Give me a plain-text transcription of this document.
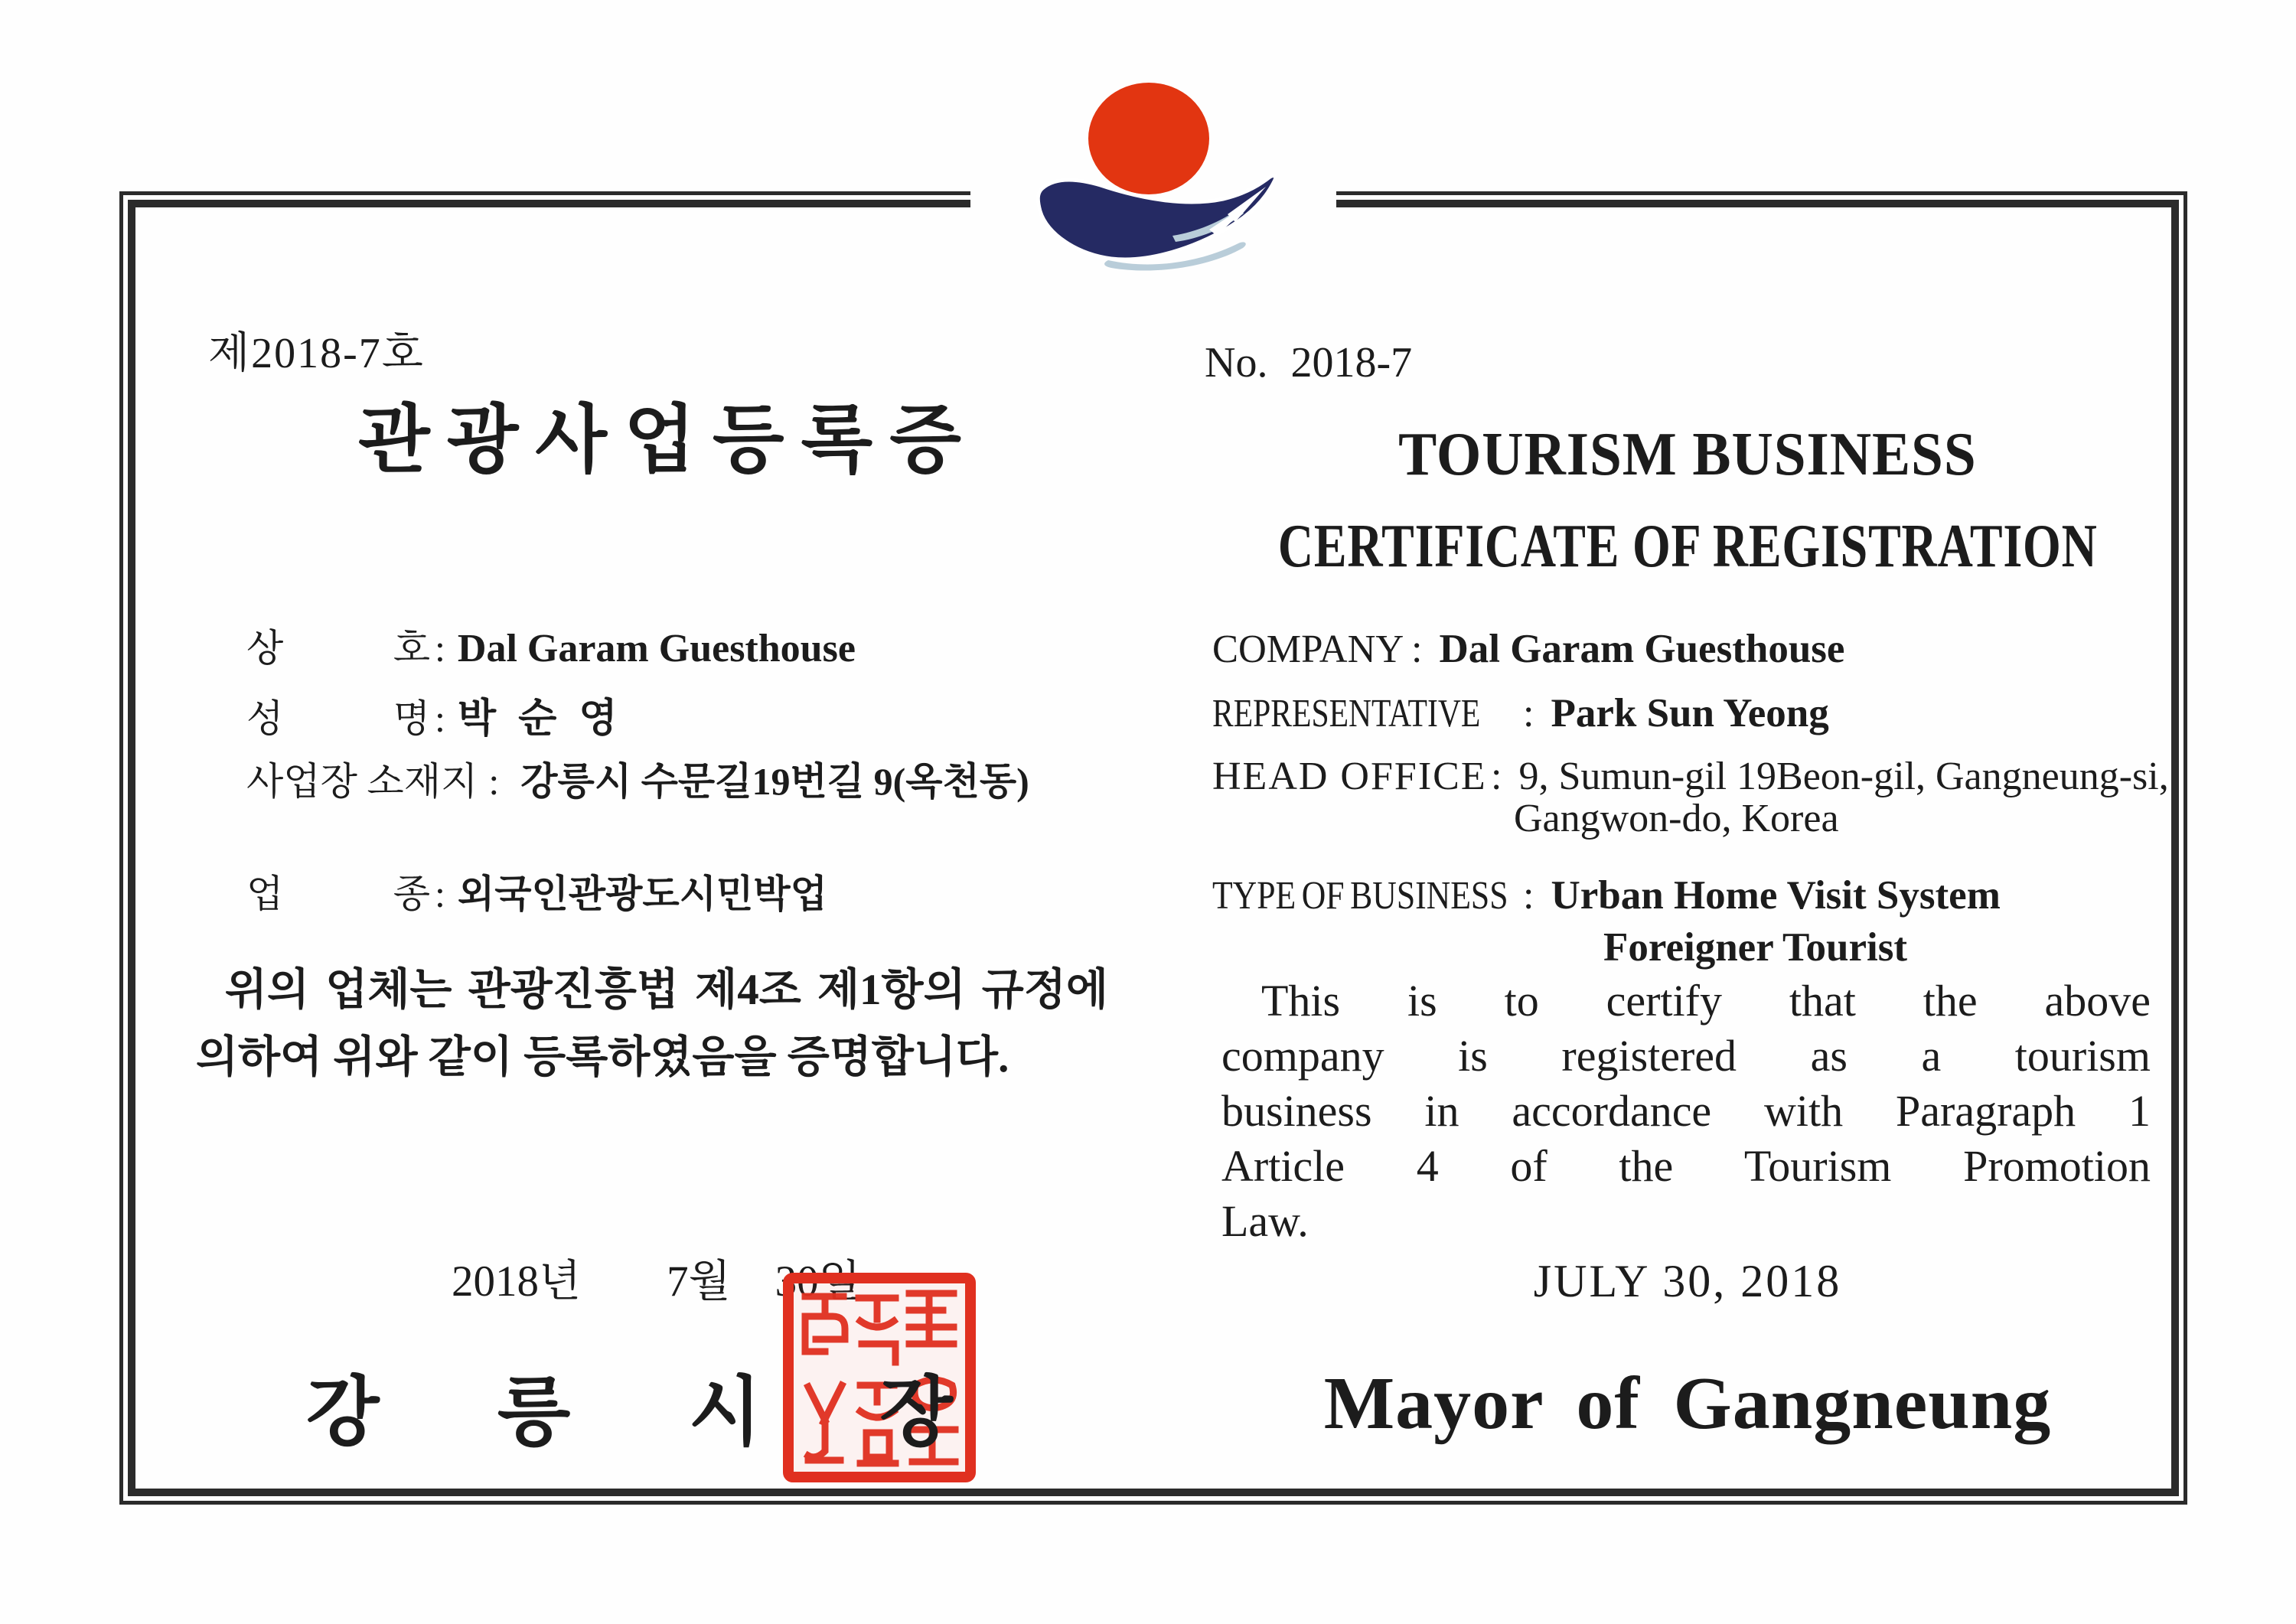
제2018-7호
관 광 사 업 등 록 증
상	호 : Dal Garam Guesthouse
성	명 : 박 순 영
사업장 소재지 : 강릉시 수문길19번길 9(옥천동)
업	종 : 외국인관광도시민박업
위의 업체는 관광진흥법 제4조 제1항의 규정에
의하여 위와 같이 등록하였음을 증명합니다.
2018년 7월 30일
강 릉 시 장
No. 2018-7
TOURISM BUSINESS
CERTIFICATE OF REGISTRATION
COMPANY : Dal Garam Guesthouse
REPRESENTATIVE	: Park Sun Yeong
HEAD OFFICE : 9, Sumun-gil 19Beon-gil, Gangneung-si,
Gangwon-do, Korea
TYPE OF BUSINESS : Urban Home Visit System
Foreigner Tourist
This is to certify that the above
company is registered as a tourism
business in accordance with Paragraph 1
Article 4 of the Tourism Promotion
Law.
JULY 30, 2018
Mayor of Gangneung
